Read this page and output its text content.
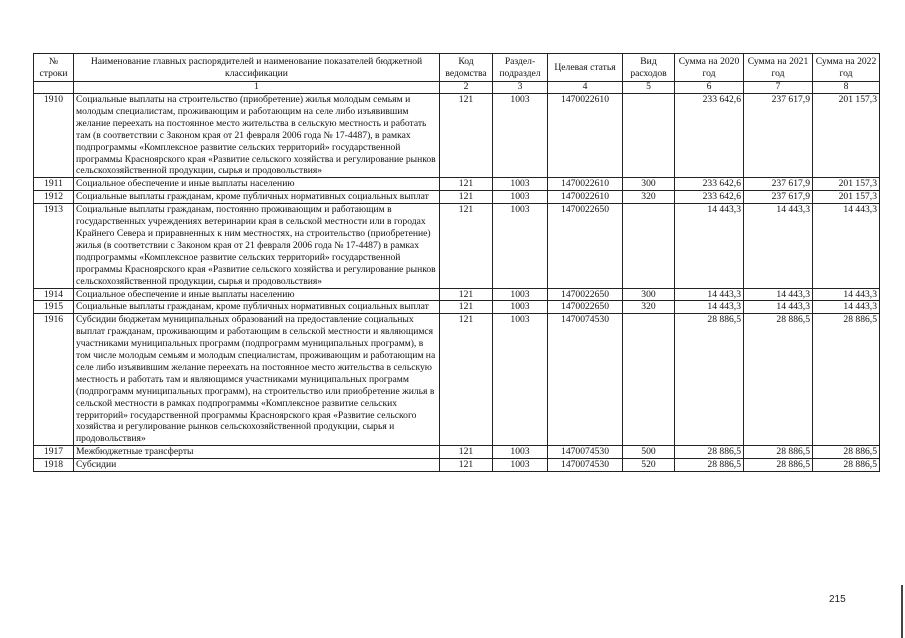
№ строки	Наименование главных распорядителей и наименование показателей бюджетной классификации	Код ведомства	Раздел-подраздел	Целевая статья	Вид расходов	Сумма на 2020 год	Сумма на 2021 год	Сумма на 2022 год
	1	2	3	4	5	6	7	8
1910	Социальные выплаты на строительство (приобретение) жилья молодым семьям и молодым специалистам, проживающим и работающим на селе либо изъявившим желание переехать на постоянное место жительства в сельскую местность и работать там (в соответствии с Законом края от 21 февраля 2006 года № 17-4487), в рамках подпрограммы «Комплексное развитие сельских территорий» государственной программы Красноярского края «Развитие сельского хозяйства и регулирование рынков сельскохозяйственной продукции, сырья и продовольствия»	121	1003	1470022610		233 642,6	237 617,9	201 157,3
1911	Социальное обеспечение и иные выплаты населению	121	1003	1470022610	300	233 642,6	237 617,9	201 157,3
1912	Социальные выплаты гражданам, кроме публичных нормативных социальных выплат	121	1003	1470022610	320	233 642,6	237 617,9	201 157,3
1913	Социальные выплаты гражданам, постоянно проживающим и работающим в государственных учреждениях ветеринарии края в сельской местности или в городах Крайнего Севера и приравненных к ним местностях, на строительство (приобретение) жилья (в соответствии с Законом края от 21 февраля 2006 года № 17-4487) в рамках подпрограммы «Комплексное развитие сельских территорий» государственной программы Красноярского края «Развитие сельского хозяйства и регулирование рынков сельскохозяйственной продукции, сырья и продовольствия»	121	1003	1470022650		14 443,3	14 443,3	14 443,3
1914	Социальное обеспечение и иные выплаты населению	121	1003	1470022650	300	14 443,3	14 443,3	14 443,3
1915	Социальные выплаты гражданам, кроме публичных нормативных социальных выплат	121	1003	1470022650	320	14 443,3	14 443,3	14 443,3
1916	Субсидии бюджетам муниципальных образований на предоставление социальных выплат гражданам, проживающим и работающим в сельской местности и являющимся участниками муниципальных программ (подпрограмм муниципальных программ), в том числе молодым семьям и молодым специалистам, проживающим и работающим на селе либо изъявившим желание переехать на постоянное место жительства в сельскую местность и работать там и являющимся участниками муниципальных программ (подпрограмм муниципальных программ), на строительство или приобретение жилья в сельской местности в рамках подпрограммы «Комплексное развитие сельских территорий» государственной программы Красноярского края «Развитие сельского хозяйства и регулирование рынков сельскохозяйственной продукции, сырья и продовольствия»	121	1003	1470074530		28 886,5	28 886,5	28 886,5
1917	Межбюджетные трансферты	121	1003	1470074530	500	28 886,5	28 886,5	28 886,5
1918	Субсидии	121	1003	1470074530	520	28 886,5	28 886,5	28 886,5
215
